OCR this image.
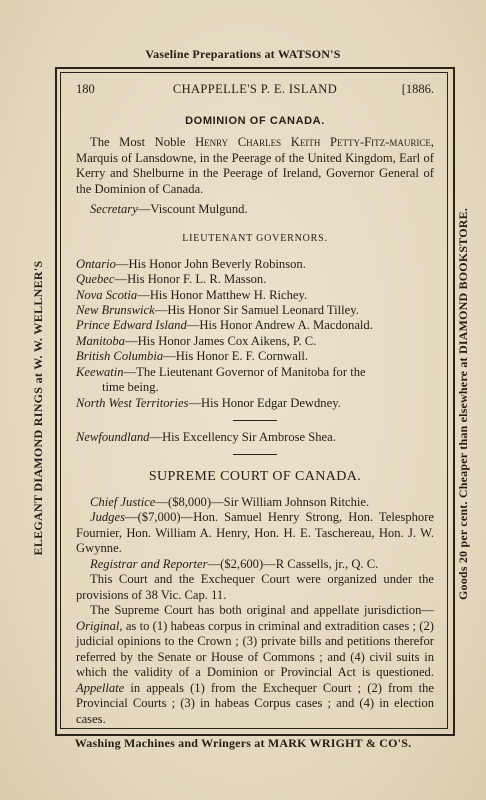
Vaseline Preparations at WATSON'S
ELEGANT DIAMOND RINGS at W. W. WELLNER'S	Goods 20 per cent. Cheaper than elsewhere at DIAMOND BOOKSTORE.
Washing Machines and Wringers at MARK WRIGHT & CO'S.
180	CHAPPELLE'S P. E. ISLAND	[1886.
DOMINION OF CANADA.

The Most Noble Henry Charles Keith Petty-Fitz-maurice, Marquis of Lansdowne, in the Peerage of the United Kingdom, Earl of Kerry and Shelburne in the Peerage of Ireland, Governor General of the Dominion of Canada.

Secretary—Viscount Mulgund.

LIEUTENANT GOVERNORS.

Ontario—His Honor John Beverly Robinson.

Quebec—His Honor F. L. R. Masson.

Nova Scotia—His Honor Matthew H. Richey.

New Brunswick—His Honor Sir Samuel Leonard Tilley.

Prince Edward Island—His Honor Andrew A. Macdonald.

Manitoba—His Honor James Cox Aikens, P. C.

British Columbia—His Honor E. F. Cornwall.

Keewatin—The Lieutenant Governor of Manitoba for the
time being.

North West Territories—His Honor Edgar Dewdney.

Newfoundland—His Excellency Sir Ambrose Shea.

SUPREME COURT OF CANADA.

Chief Justice—($8,000)—Sir William Johnson Ritchie.

Judges—($7,000)—Hon. Samuel Henry Strong, Hon. Telesphore Fournier, Hon. William A. Henry, Hon. H. E. Taschereau, Hon. J. W. Gwynne.

Registrar and Reporter—($2,600)—R Cassells, jr., Q. C.

This Court and the Exchequer Court were organized under the provisions of 38 Vic. Cap. 11.

The Supreme Court has both original and appellate jurisdiction—Original, as to (1) habeas corpus in criminal and extradition cases ; (2) judicial opinions to the Crown ; (3) private bills and petitions therefor referred by the Senate or House of Commons ; and (4) civil suits in which the validity of a Dominion or Provincial Act is questioned. Appellate in appeals (1) from the Exchequer Court ; (2) from the Provincial Courts ; (3) in habeas Corpus cases ; and (4) in election cases.
